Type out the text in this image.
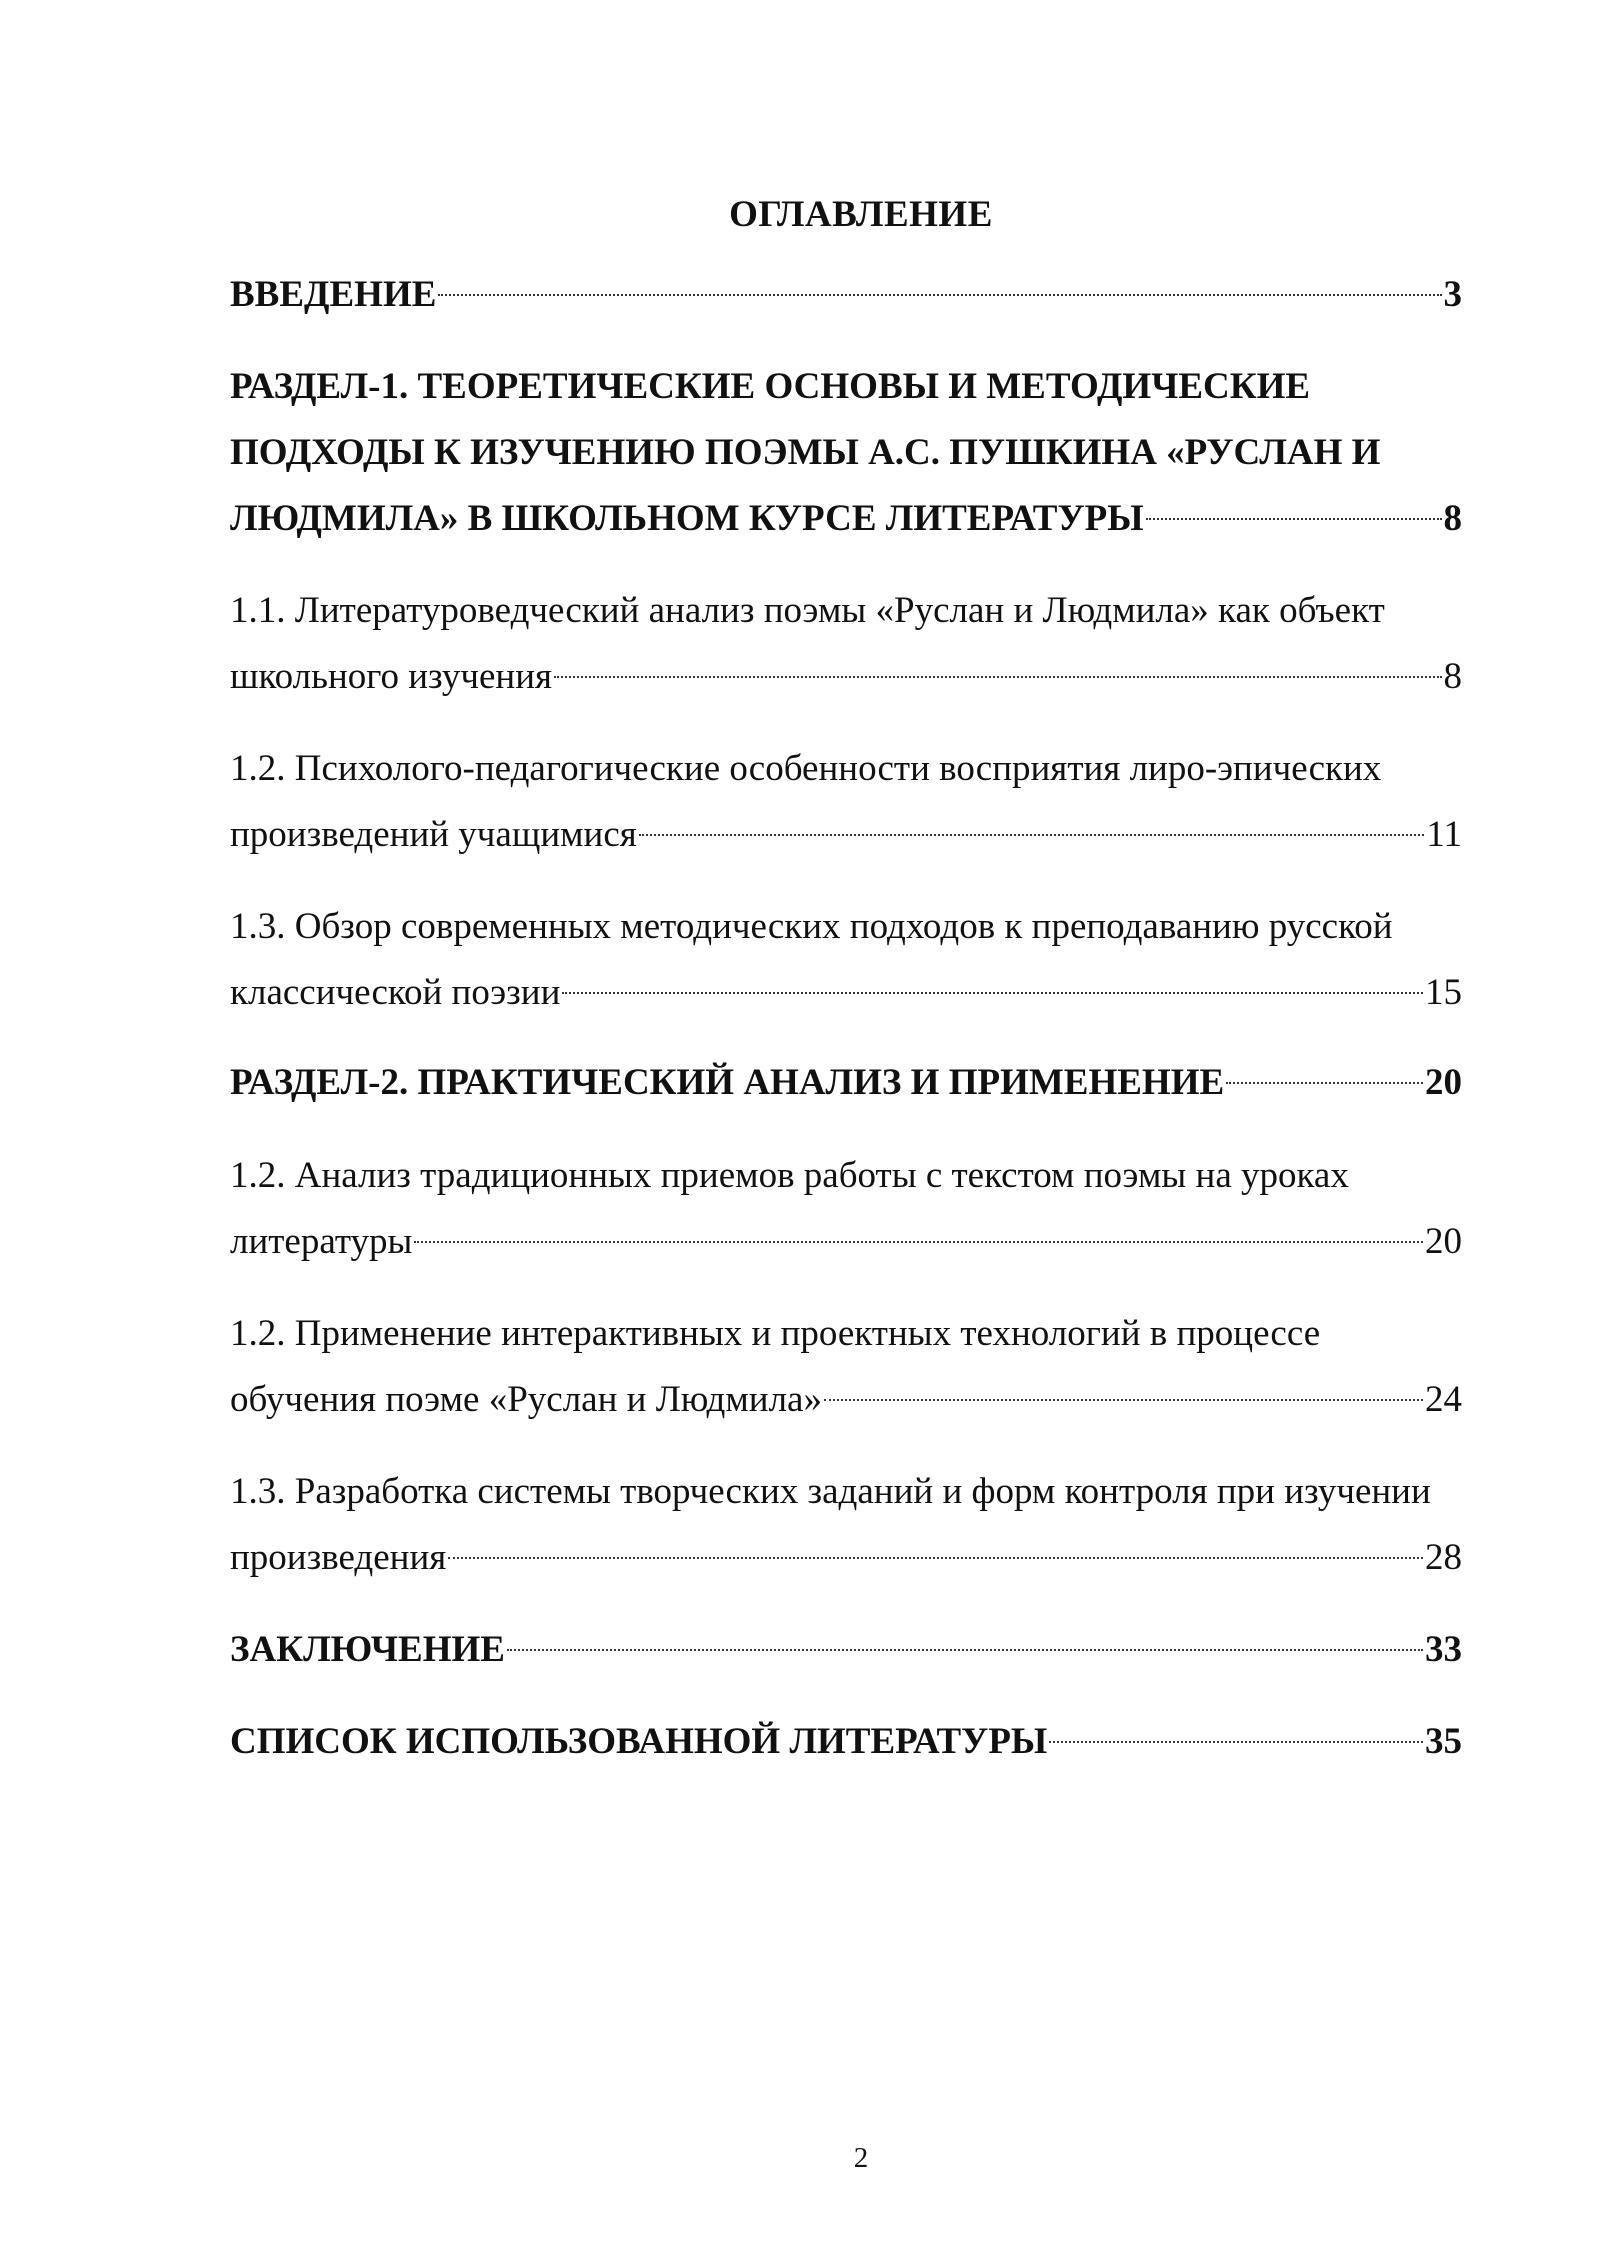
ОГЛАВЛЕНИЕ
ВВЕДЕНИЕ	3
РАЗДЕЛ-1. ТЕОРЕТИЧЕСКИЕ ОСНОВЫ И МЕТОДИЧЕСКИЕ
ПОДХОДЫ К ИЗУЧЕНИЮ ПОЭМЫ А.С. ПУШКИНА «РУСЛАН И
ЛЮДМИЛА» В ШКОЛЬНОМ КУРСЕ ЛИТЕРАТУРЫ	8
1.1. Литературоведческий анализ поэмы «Руслан и Людмила» как объект
школьного изучения	8
1.2. Психолого-педагогические особенности восприятия лиро-эпических
произведений учащимися	11
1.3. Обзор современных методических подходов к преподаванию русской
классической поэзии	15
РАЗДЕЛ-2. ПРАКТИЧЕСКИЙ АНАЛИЗ И ПРИМЕНЕНИЕ	20
1.2. Анализ традиционных приемов работы с текстом поэмы на уроках
литературы	20
1.2. Применение интерактивных и проектных технологий в процессе
обучения поэме «Руслан и Людмила»	24
1.3. Разработка системы творческих заданий и форм контроля при изучении
произведения	28
ЗАКЛЮЧЕНИЕ	33
СПИСОК ИСПОЛЬЗОВАННОЙ ЛИТЕРАТУРЫ	35
2
